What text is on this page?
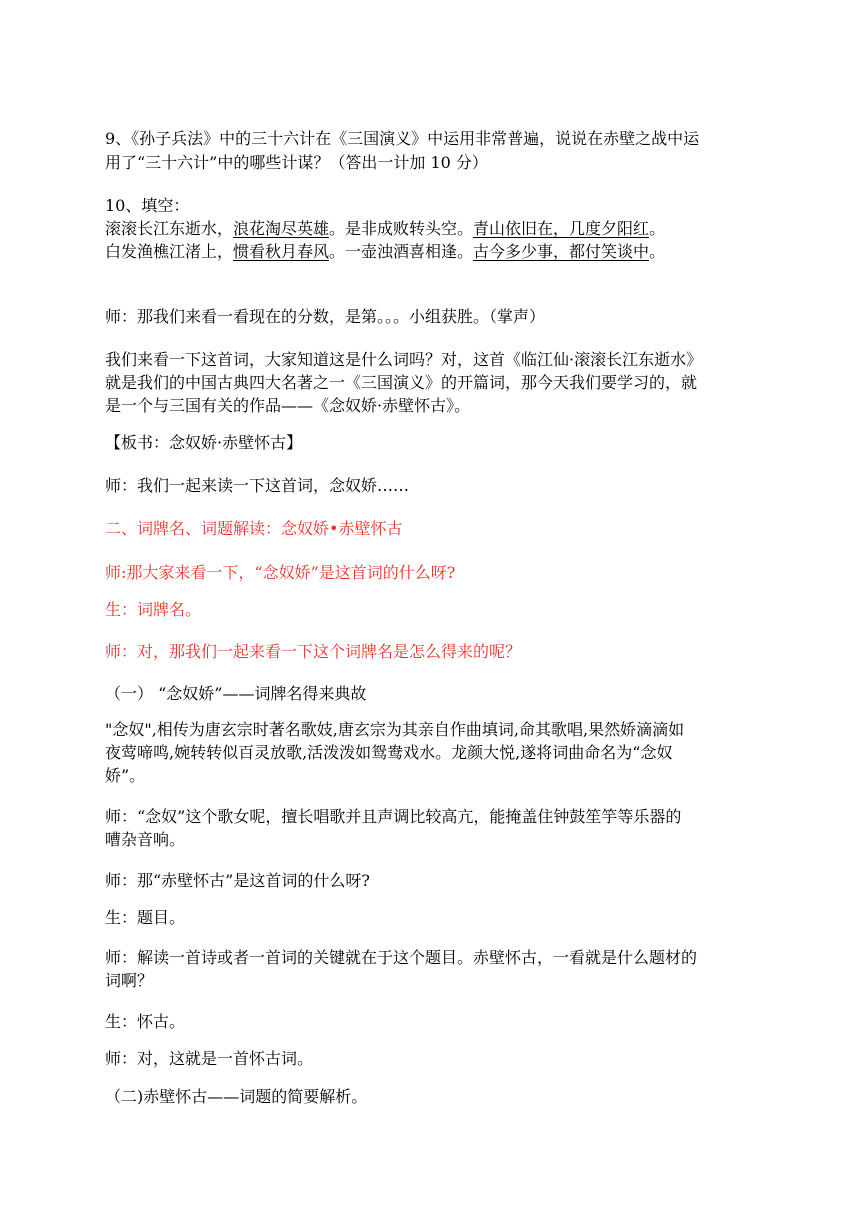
9、《孙子兵法》中的三十六计在《三国演义》中运用非常普遍，说说在赤壁之战中运
用了“三十六计”中的哪些计谋？（答出一计加 10 分）
10、填空：
滚滚长江东逝水，浪花淘尽英雄。是非成败转头空。青山依旧在，几度夕阳红。
白发渔樵江渚上，惯看秋月春风。一壶浊酒喜相逢。古今多少事，都付笑谈中。
师：那我们来看一看现在的分数，是第。。。小组获胜。（掌声）
我们来看一下这首词，大家知道这是什么词吗？对，这首《临江仙·滚滚长江东逝水》
就是我们的中国古典四大名著之一《三国演义》的开篇词，那今天我们要学习的，就
是一个与三国有关的作品——《念奴娇·赤壁怀古》。
【板书：念奴娇·赤壁怀古】
师：我们一起来读一下这首词，念奴娇……
二、词牌名、词题解读：念奴娇•赤壁怀古
师:那大家来看一下，“念奴娇”是这首词的什么呀?
生：词牌名。
师：对，那我们一起来看一下这个词牌名是怎么得来的呢？
（一） “念奴娇”——词牌名得来典故
"念奴",相传为唐玄宗时著名歌妓,唐玄宗为其亲自作曲填词,命其歌唱,果然娇滴滴如
夜莺啼鸣,婉转转似百灵放歌,活泼泼如鸳鸯戏水。龙颜大悦,遂将词曲命名为“念奴
娇”。
师：“念奴”这个歌女呢，擅长唱歌并且声调比较高亢，能掩盖住钟鼓笙竽等乐器的
嘈杂音响。
师：那“赤壁怀古”是这首词的什么呀?
生：题目。
师：解读一首诗或者一首词的关键就在于这个题目。赤壁怀古，一看就是什么题材的
词啊？
生：怀古。
师：对，这就是一首怀古词。
（二)赤壁怀古——词题的简要解析。
